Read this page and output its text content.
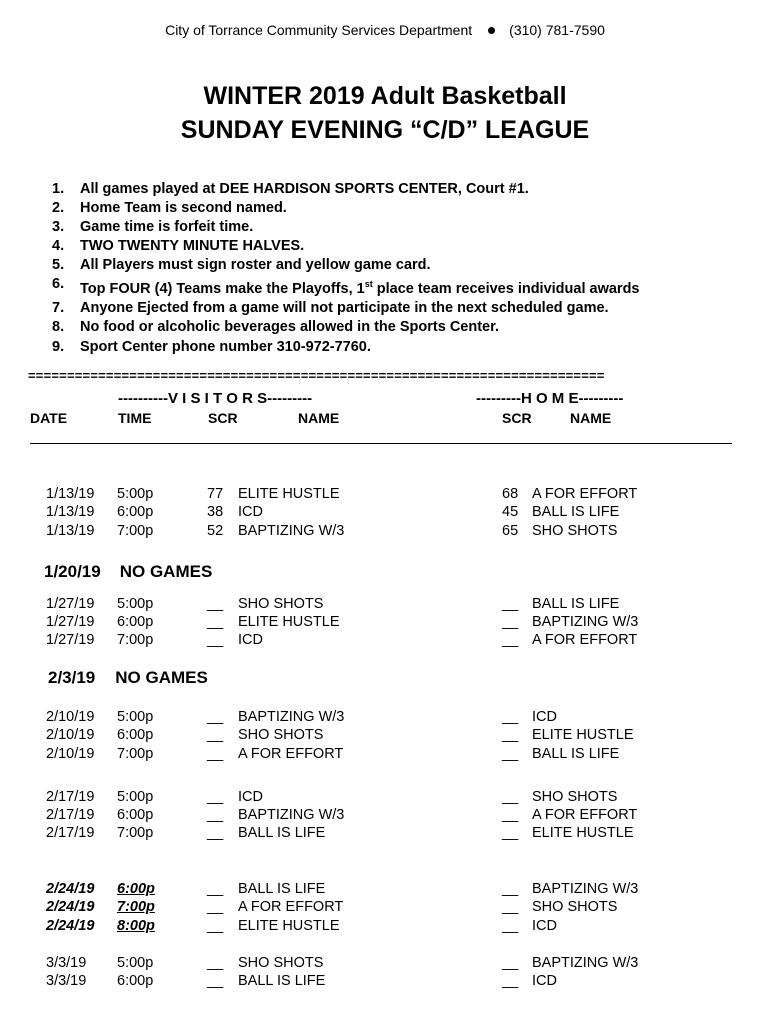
City of Torrance Community Services Department	(310) 781-7590
WINTER 2019 Adult Basketball
SUNDAY EVENING “C/D” LEAGUE
1.	All games played at DEE HARDISON SPORTS CENTER, Court #1.
2.	Home Team is second named.
3.	Game time is forfeit time.
4.	TWO TWENTY MINUTE HALVES.
5.	All Players must sign roster and yellow game card.
6.	Top FOUR (4) Teams make the Playoffs, 1st place team receives individual awards
7.	Anyone Ejected from a game will not participate in the next scheduled game.
8.	No food or alcoholic beverages allowed in the Sports Center.
9.	Sport Center phone number 310-972-7760.
==========================================================================
----------V I S I T O R S---------	---------H O M E---------
DATE	TIME	SCR	NAME	SCR	NAME
1/13/19 5:00p	77 ELITE HUSTLE	68 A FOR EFFORT
1/13/19 6:00p	38 ICD	45 BALL IS LIFE
1/13/19 7:00p	52 BAPTIZING W/3	65 SHO SHOTS
1/27/19 5:00p	__ SHO SHOTS	__ BALL IS LIFE
1/27/19 6:00p	__ ELITE HUSTLE	__ BAPTIZING W/3
1/27/19 7:00p	__ ICD	__ A FOR EFFORT
2/10/19 5:00p	__ BAPTIZING W/3	__ ICD
2/10/19 6:00p	__ SHO SHOTS	__ ELITE HUSTLE
2/10/19 7:00p	__ A FOR EFFORT	__ BALL IS LIFE
2/17/19 5:00p	__ ICD	__ SHO SHOTS
2/17/19 6:00p	__ BAPTIZING W/3	__ A FOR EFFORT
2/17/19 7:00p	__ BALL IS LIFE	__ ELITE HUSTLE
2/24/19 6:00p	__ BALL IS LIFE	__ BAPTIZING W/3
2/24/19 7:00p	__ A FOR EFFORT	__ SHO SHOTS
2/24/19 8:00p	__ ELITE HUSTLE	__ ICD
3/3/19 5:00p	__ SHO SHOTS	__ BAPTIZING W/3
3/3/19 6:00p	__ BALL IS LIFE	__ ICD
1/20/19 NO GAMES
2/3/19 NO GAMES
